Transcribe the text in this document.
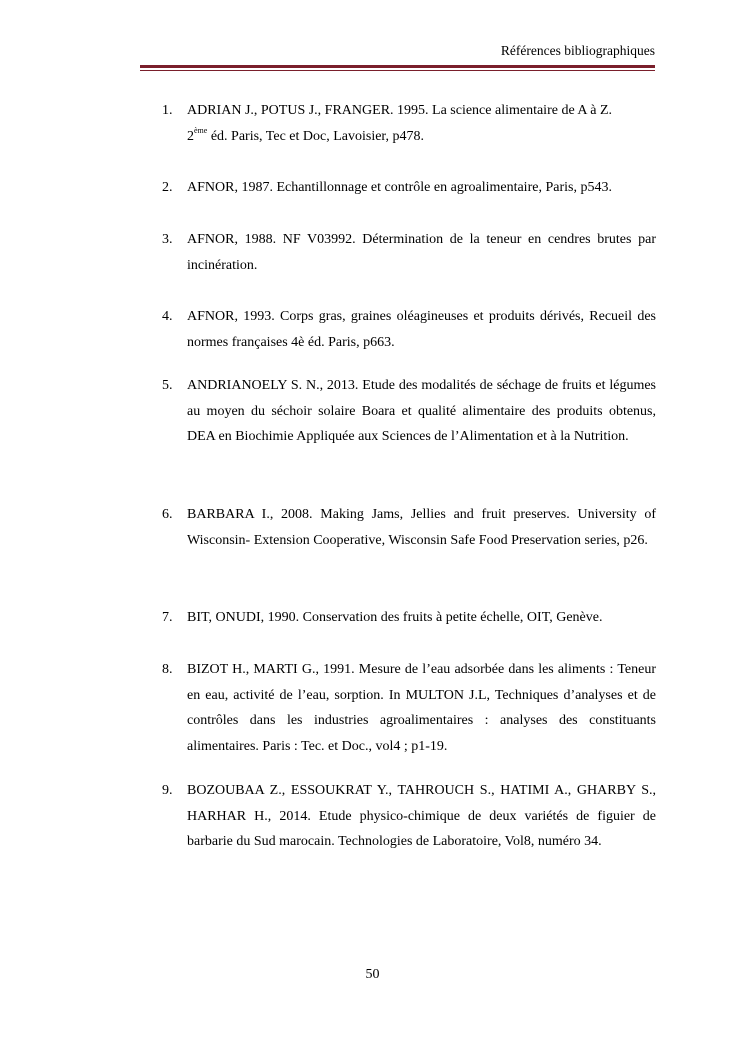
Références bibliographiques
1.	ADRIAN J., POTUS J., FRANGER. 1995. La science alimentaire de A à Z.
2ème éd. Paris, Tec et Doc, Lavoisier, p478.
2.	AFNOR, 1987. Echantillonnage et contrôle en agroalimentaire, Paris, p543.
3.	AFNOR, 1988. NF V03992. Détermination de la teneur en cendres brutes par incinération.
4.	AFNOR, 1993. Corps gras, graines oléagineuses et produits dérivés, Recueil des normes françaises 4è éd. Paris, p663.
5.	ANDRIANOELY S. N., 2013. Etude des modalités de séchage de fruits et légumes au moyen du séchoir solaire Boara et qualité alimentaire des produits obtenus, DEA en Biochimie Appliquée aux Sciences de l’Alimentation et à la Nutrition.
6.	BARBARA I., 2008. Making Jams, Jellies and fruit preserves. University of Wisconsin- Extension Cooperative, Wisconsin Safe Food Preservation series, p26.
7.	BIT, ONUDI, 1990. Conservation des fruits à petite échelle, OIT, Genève.
8.	BIZOT H., MARTI G., 1991. Mesure de l’eau adsorbée dans les aliments : Teneur en eau, activité de l’eau, sorption. In MULTON J.L, Techniques d’analyses et de contrôles dans les industries agroalimentaires : analyses des constituants alimentaires. Paris : Tec. et Doc., vol4 ; p1-19.
9.	BOZOUBAA Z., ESSOUKRAT Y., TAHROUCH S., HATIMI A., GHARBY S., HARHAR H., 2014. Etude physico-chimique de deux variétés de figuier de barbarie du Sud marocain. Technologies de Laboratoire, Vol8, numéro 34.
50
